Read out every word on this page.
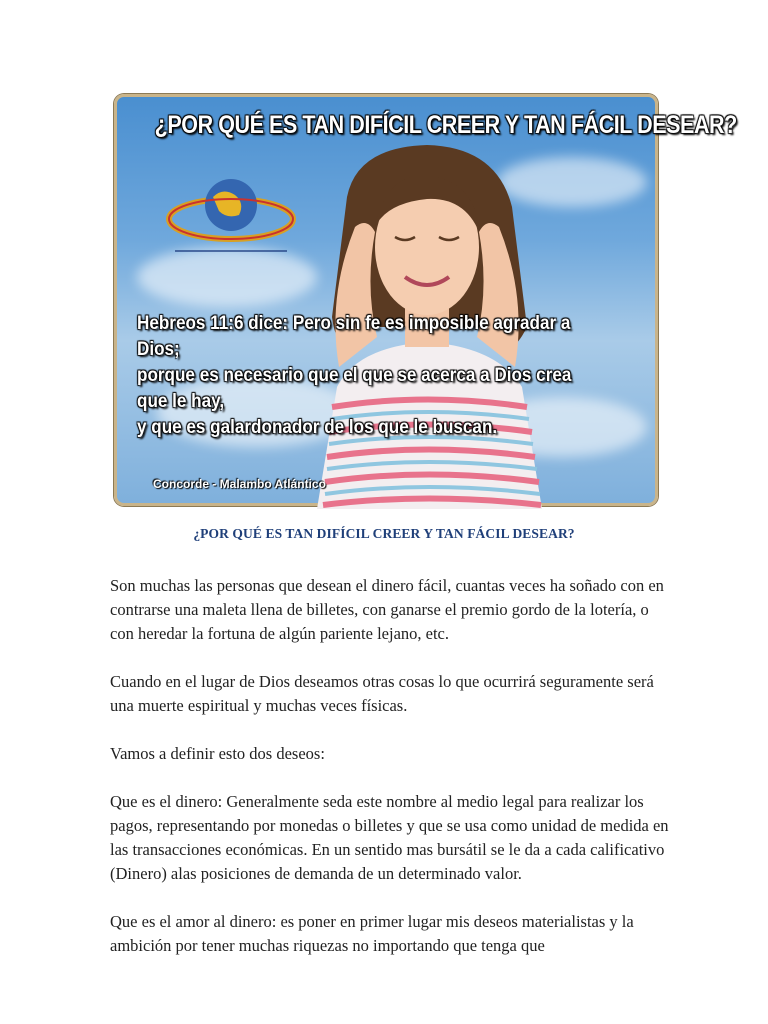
¿POR QUÉ ES TAN DIFÍCIL CREER Y TAN FÁCIL DESEAR?
Hebreos 11:6 dice: Pero sin fe es imposible agradar a Dios;
porque es necesario que el que se acerca a Dios crea que le hay,
y que es galardonador de los que le buscan.
Concorde - Malambo Atlántico
¿POR QUÉ ES TAN DIFÍCIL CREER Y TAN FÁCIL DESEAR?

Son muchas las personas que desean el dinero fácil, cuantas veces ha soñado con en contrarse una maleta llena de billetes, con ganarse el premio gordo de la lotería, o con heredar la fortuna de algún pariente lejano, etc.

Cuando en el lugar de Dios deseamos otras cosas lo que ocurrirá seguramente será una muerte espiritual y muchas veces físicas.

Vamos a definir esto dos deseos:

Que es el dinero: Generalmente seda este nombre al medio legal para realizar los pagos, representando por monedas o billetes y que se usa como unidad de medida en las transacciones económicas. En un sentido mas bursátil se le da a cada calificativo (Dinero) alas posiciones de demanda de un determinado valor.

Que es el amor al dinero: es poner en primer lugar mis deseos materialistas y la ambición por tener muchas riquezas no importando que tenga que
